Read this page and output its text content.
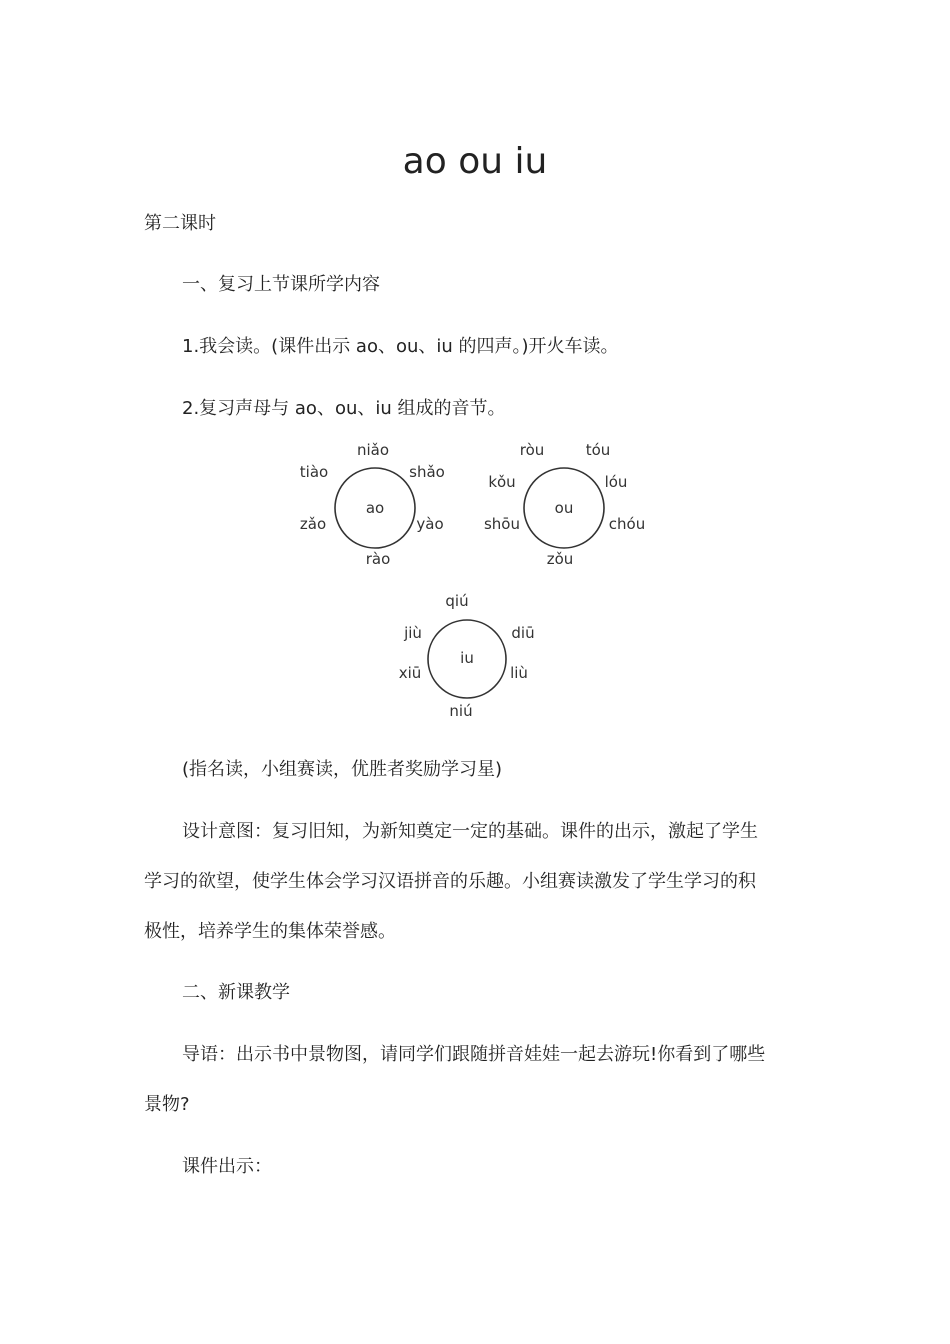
ao ou iu
第二课时
一、复习上节课所学内容
1.我会读。(课件出示 ao、ou、iu 的四声。)开火车读。
2.复习声母与 ao、ou、iu 组成的音节。
ao
niǎo
shǎo
yào
rào
zǎo
tiào
ou
ròu	tóu
lóu
chóu
zǒu
shōu
kǒu
iu
qiú
diū
liù
niú
xiū
jiù
(指名读，小组赛读，优胜者奖励学习星)
设计意图：复习旧知，为新知奠定一定的基础。课件的出示，激起了学生
学习的欲望，使学生体会学习汉语拼音的乐趣。小组赛读激发了学生学习的积
极性，培养学生的集体荣誉感。
二、新课教学
导语：出示书中景物图，请同学们跟随拼音娃娃一起去游玩!你看到了哪些
景物?
课件出示：
